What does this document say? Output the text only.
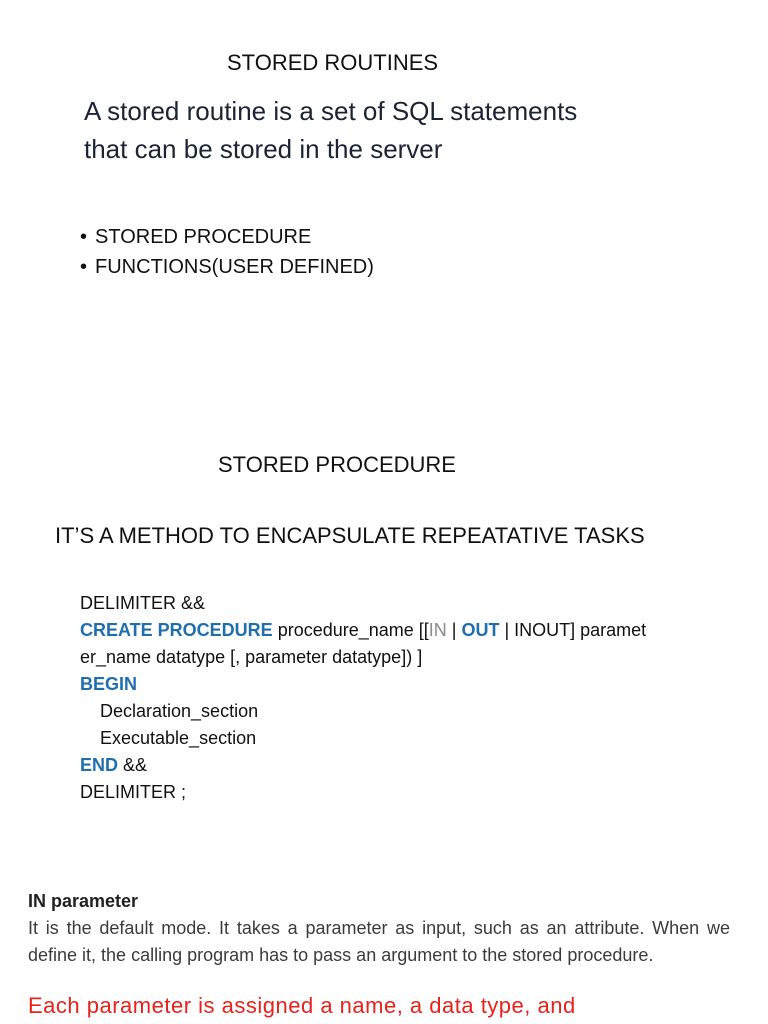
STORED ROUTINES
A stored routine is a set of SQL statements
that can be stored in the server
• STORED PROCEDURE
• FUNCTIONS(USER DEFINED)
STORED PROCEDURE
IT’S A METHOD TO ENCAPSULATE REPEATATIVE TASKS
DELIMITER &&
CREATE PROCEDURE procedure_name [[IN | OUT | INOUT] paramet
er_name datatype [, parameter datatype]) ]
BEGIN
Declaration_section
Executable_section
END &&
DELIMITER ;
IN parameter
It is the default mode. It takes a parameter as input, such as an attribute. When we define it, the calling program has to pass an argument to the stored procedure.
Each parameter is assigned a name, a data type, and
